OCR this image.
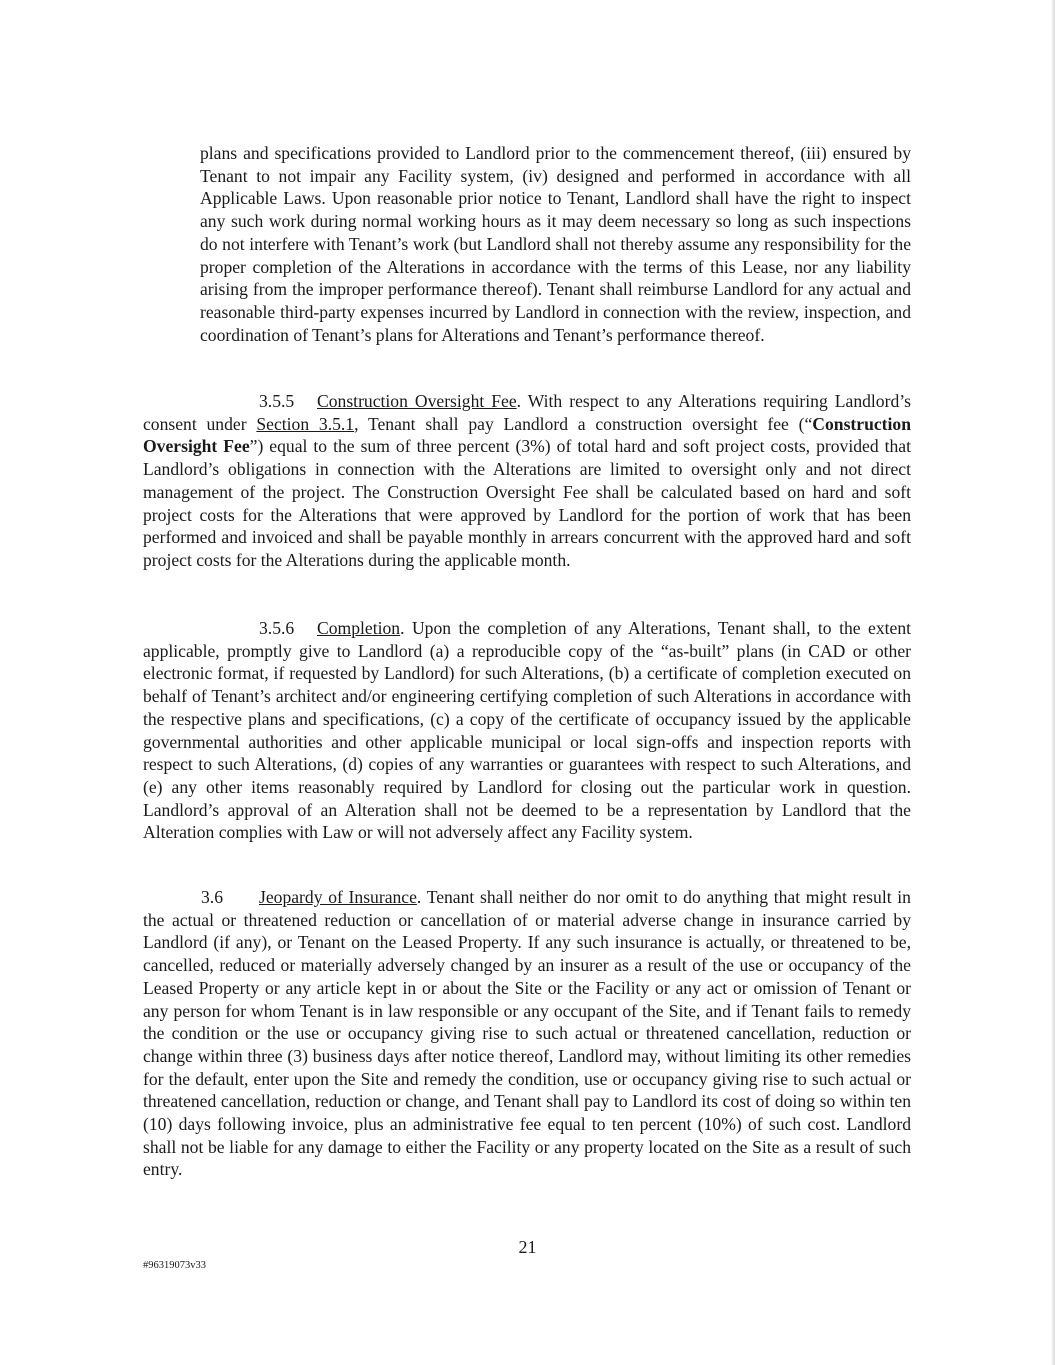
plans and specifications provided to Landlord prior to the commencement thereof, (iii) ensured by Tenant to not impair any Facility system, (iv) designed and performed in accordance with all Applicable Laws. Upon reasonable prior notice to Tenant, Landlord shall have the right to inspect any such work during normal working hours as it may deem necessary so long as such inspections do not interfere with Tenant’s work (but Landlord shall not thereby assume any responsibility for the proper completion of the Alterations in accordance with the terms of this Lease, nor any liability arising from the improper performance thereof). Tenant shall reimburse Landlord for any actual and reasonable third-party expenses incurred by Landlord in connection with the review, inspection, and coordination of Tenant’s plans for Alterations and Tenant’s performance thereof.

3.5.5 Construction Oversight Fee. With respect to any Alterations requiring Landlord’s consent under Section 3.5.1, Tenant shall pay Landlord a construction oversight fee (“Construction Oversight Fee”) equal to the sum of three percent (3%) of total hard and soft project costs, provided that Landlord’s obligations in connection with the Alterations are limited to oversight only and not direct management of the project. The Construction Oversight Fee shall be calculated based on hard and soft project costs for the Alterations that were approved by Landlord for the portion of work that has been performed and invoiced and shall be payable monthly in arrears concurrent with the approved hard and soft project costs for the Alterations during the applicable month.

3.5.6 Completion. Upon the completion of any Alterations, Tenant shall, to the extent applicable, promptly give to Landlord (a) a reproducible copy of the “as-built” plans (in CAD or other electronic format, if requested by Landlord) for such Alterations, (b) a certificate of completion executed on behalf of Tenant’s architect and/or engineering certifying completion of such Alterations in accordance with the respective plans and specifications, (c) a copy of the certificate of occupancy issued by the applicable governmental authorities and other applicable municipal or local sign-offs and inspection reports with respect to such Alterations, (d) copies of any warranties or guarantees with respect to such Alterations, and (e) any other items reasonably required by Landlord for closing out the particular work in question. Landlord’s approval of an Alteration shall not be deemed to be a representation by Landlord that the Alteration complies with Law or will not adversely affect any Facility system.

3.6 Jeopardy of Insurance. Tenant shall neither do nor omit to do anything that might result in the actual or threatened reduction or cancellation of or material adverse change in insurance carried by Landlord (if any), or Tenant on the Leased Property. If any such insurance is actually, or threatened to be, cancelled, reduced or materially adversely changed by an insurer as a result of the use or occupancy of the Leased Property or any article kept in or about the Site or the Facility or any act or omission of Tenant or any person for whom Tenant is in law responsible or any occupant of the Site, and if Tenant fails to remedy the condition or the use or occupancy giving rise to such actual or threatened cancellation, reduction or change within three (3) business days after notice thereof, Landlord may, without limiting its other remedies for the default, enter upon the Site and remedy the condition, use or occupancy giving rise to such actual or threatened cancellation, reduction or change, and Tenant shall pay to Landlord its cost of doing so within ten (10) days following invoice, plus an administrative fee equal to ten percent (10%) of such cost. Landlord shall not be liable for any damage to either the Facility or any property located on the Site as a result of such entry.

21
#96319073v33
